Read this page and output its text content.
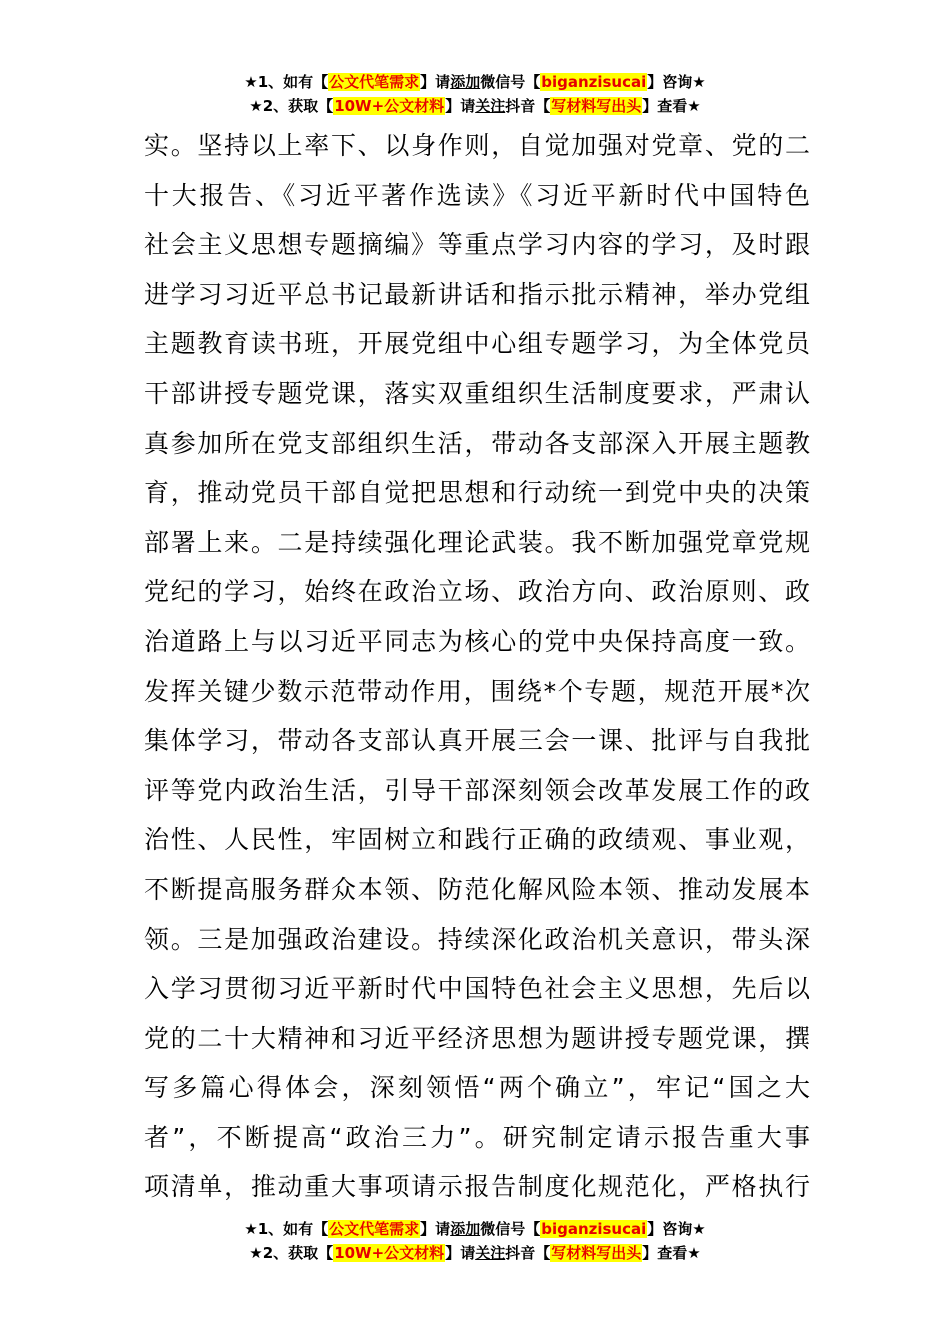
★1、如有【公文代笔需求】请添加微信号【biganzisucai】咨询★
★2、获取【10W+公文材料】请关注抖音【写材料写出头】查看★
实。坚持以上率下、以身作则，自觉加强对党章、党的二
十大报告、《习近平著作选读》《习近平新时代中国特色
社会主义思想专题摘编》等重点学习内容的学习，及时跟
进学习习近平总书记最新讲话和指示批示精神，举办党组
主题教育读书班，开展党组中心组专题学习，为全体党员
干部讲授专题党课，落实双重组织生活制度要求，严肃认
真参加所在党支部组织生活，带动各支部深入开展主题教
育，推动党员干部自觉把思想和行动统一到党中央的决策
部署上来。二是持续强化理论武装。我不断加强党章党规
党纪的学习，始终在政治立场、政治方向、政治原则、政
治道路上与以习近平同志为核心的党中央保持高度一致。
发挥关键少数示范带动作用，围绕*个专题，规范开展*次
集体学习，带动各支部认真开展三会一课、批评与自我批
评等党内政治生活，引导干部深刻领会改革发展工作的政
治性、人民性，牢固树立和践行正确的政绩观、事业观，
不断提高服务群众本领、防范化解风险本领、推动发展本
领。三是加强政治建设。持续深化政治机关意识，带头深
入学习贯彻习近平新时代中国特色社会主义思想，先后以
党的二十大精神和习近平经济思想为题讲授专题党课，撰
写多篇心得体会，深刻领悟“两个确立”，牢记“国之大
者”，不断提高“政治三力”。研究制定请示报告重大事
项清单，推动重大事项请示报告制度化规范化，严格执行
★1、如有【公文代笔需求】请添加微信号【biganzisucai】咨询★
★2、获取【10W+公文材料】请关注抖音【写材料写出头】查看★
